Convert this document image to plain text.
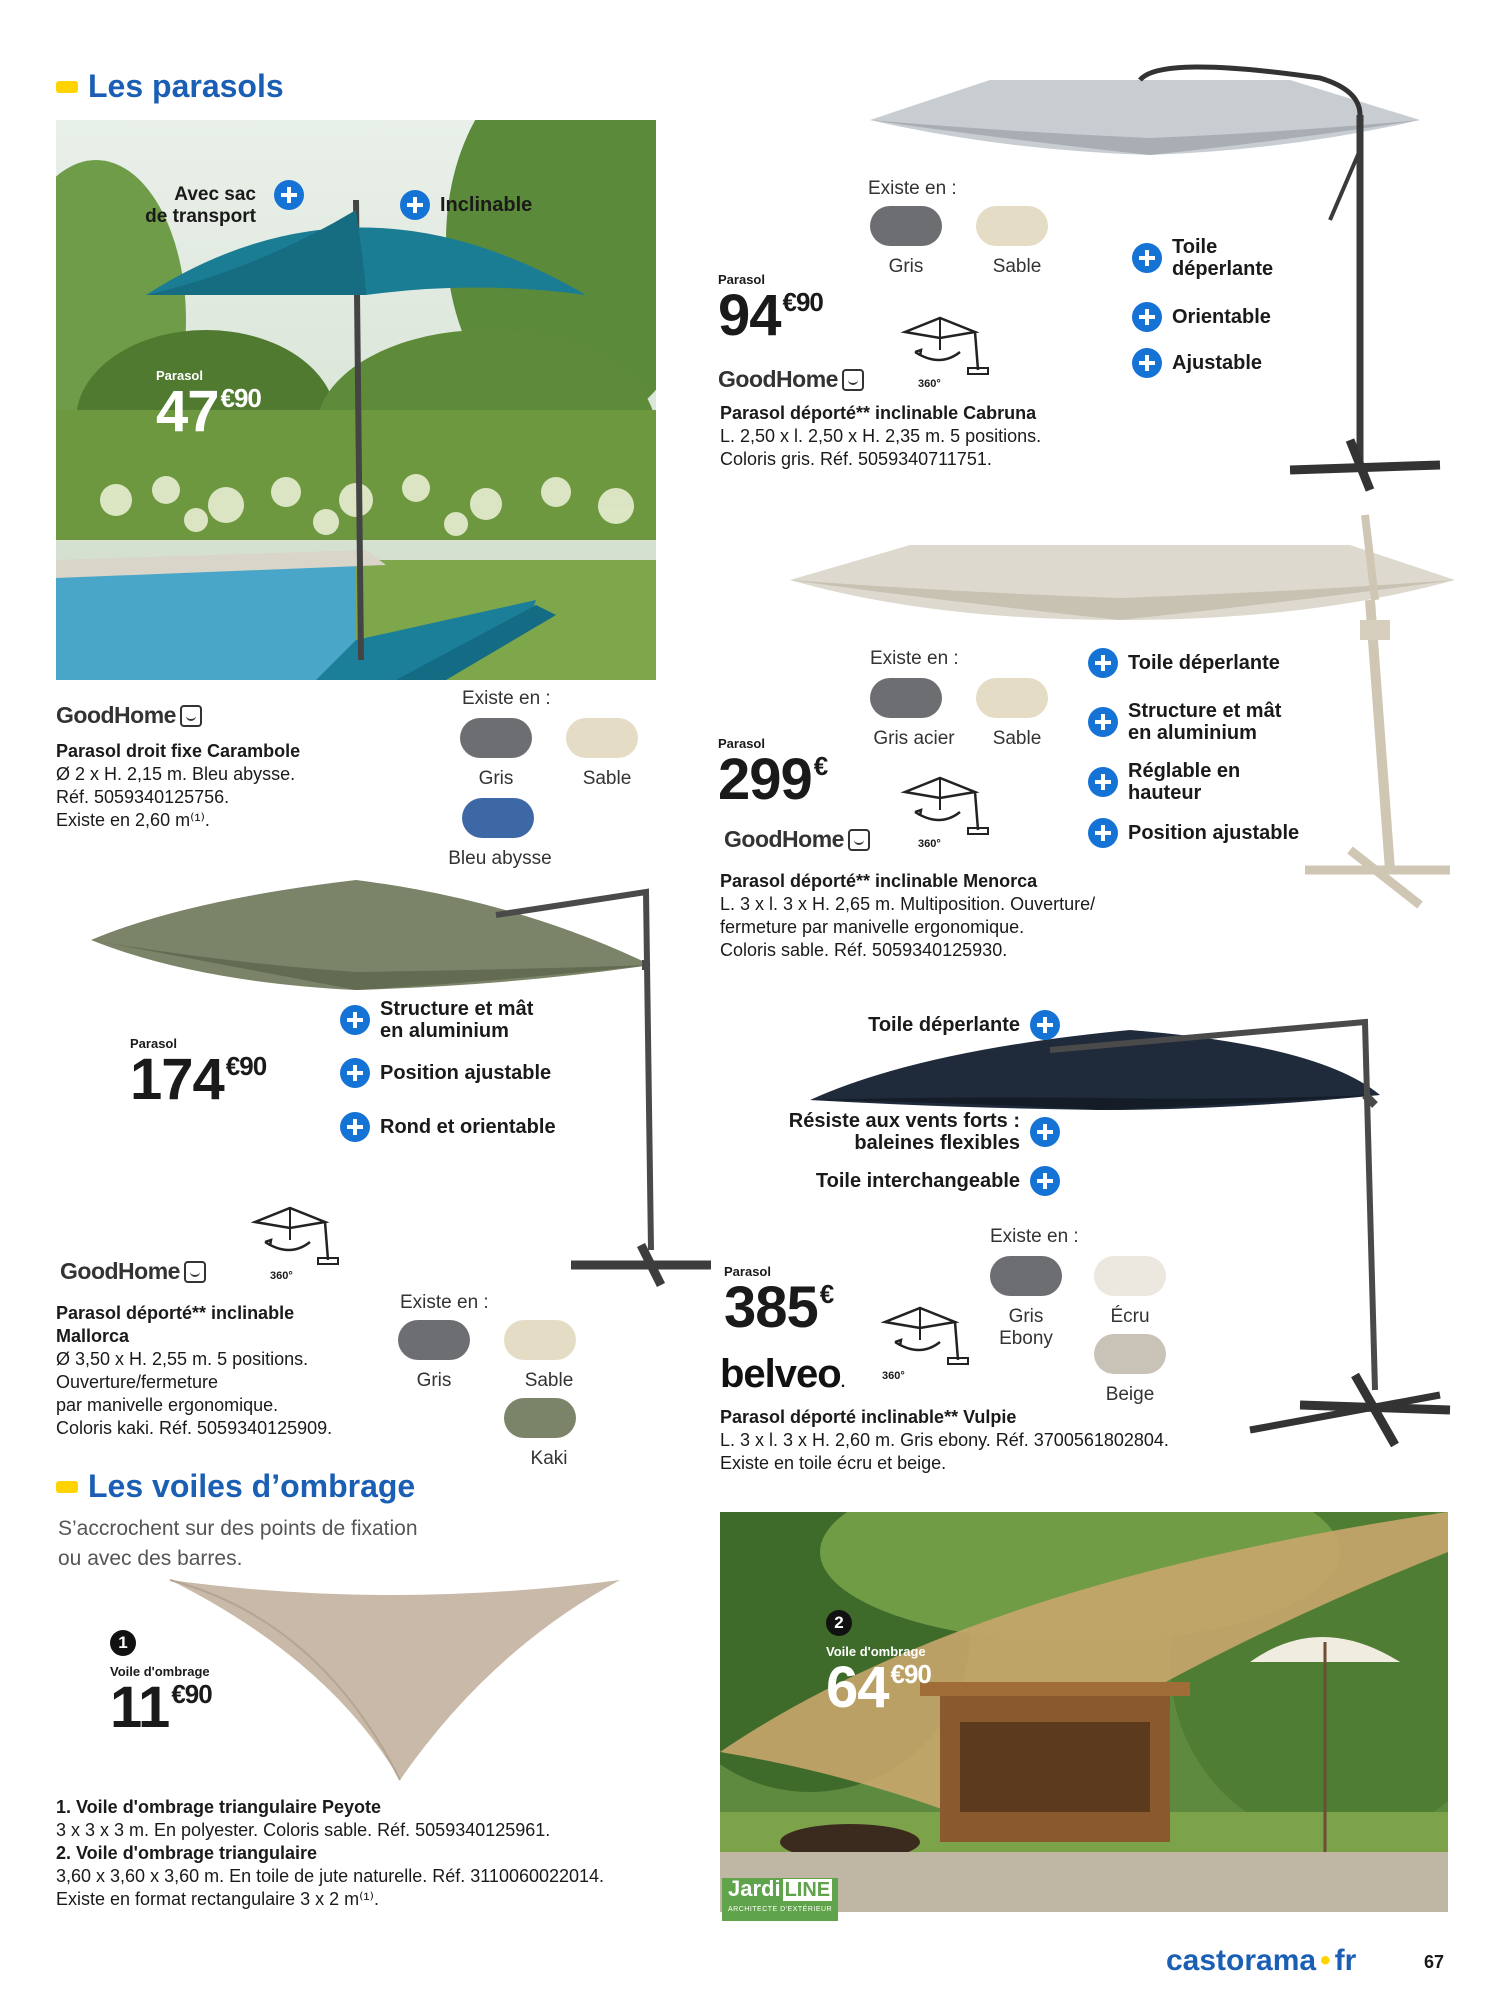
Les parasols
Avec sac
de transport
Inclinable
Parasol
47 €90
GoodHome
Parasol droit fixe Carambole
Ø 2 x H. 2,15 m. Bleu abysse.
Réf. 5059340125756.
Existe en 2,60 m⁽¹⁾.
Existe en :
Gris	Sable
Bleu abysse
Existe en :
Gris	Sable
Toile
déperlante
Orientable
Ajustable
Parasol
94 €90
360°
GoodHome
Parasol déporté** inclinable Cabruna
L. 2,50 x l. 2,50 x H. 2,35 m. 5 positions.
Coloris gris. Réf. 5059340711751.
Existe en :
Gris acier	Sable
Toile déperlante
Structure et mât
en aluminium
Réglable en
hauteur
Position ajustable
Parasol
299 €
360°
GoodHome
Parasol déporté** inclinable Menorca
L. 3 x l. 3 x H. 2,65 m. Multiposition. Ouverture/
fermeture par manivelle ergonomique.
Coloris sable. Réf. 5059340125930.
Parasol
174 €90
Structure et mât
en aluminium
Position ajustable
Rond et orientable
360°
GoodHome
Parasol déporté** inclinable
Mallorca
Ø 3,50 x H. 2,55 m. 5 positions.
Ouverture/fermeture
par manivelle ergonomique.
Coloris kaki. Réf. 5059340125909.
Existe en :
Gris	Sable
Kaki
Toile déperlante
Résiste aux vents forts :
baleines flexibles
Toile interchangeable
Existe en :
Gris
Ebony
Écru
Beige
Parasol
385 €
360°
belveo.
Parasol déporté inclinable** Vulpie
L. 3 x l. 3 x H. 2,60 m. Gris ebony. Réf. 3700561802804.
Existe en toile écru et beige.
Les voiles d’ombrage
S’accrochent sur des points de fixation
ou avec des barres.
1
Voile d'ombrage
11 €90
2
Voile d'ombrage
64 €90
Jardi LINE
ARCHITECTE D'EXTÉRIEUR
1. Voile d'ombrage triangulaire Peyote
3 x 3 x 3 m. En polyester. Coloris sable. Réf. 5059340125961.
2. Voile d'ombrage triangulaire
3,60 x 3,60 x 3,60 m. En toile de jute naturelle. Réf. 3110060022014.
Existe en format rectangulaire 3 x 2 m⁽¹⁾.
castorama • fr	67
